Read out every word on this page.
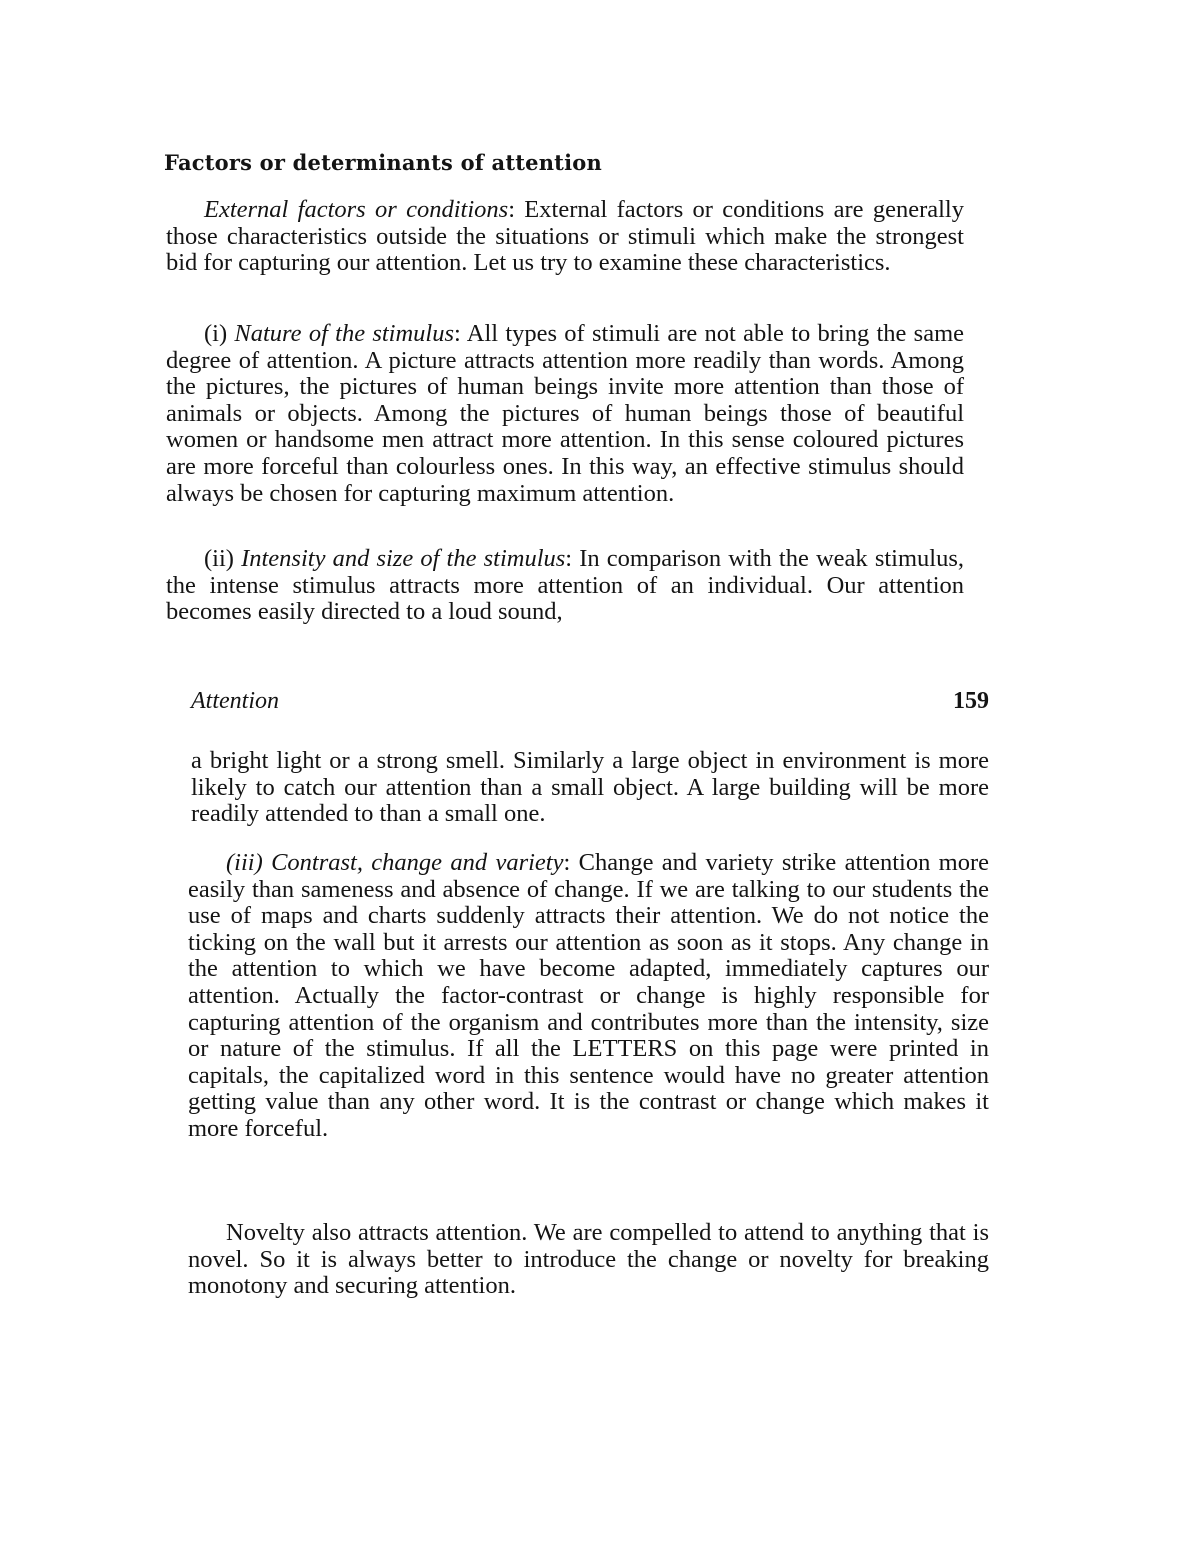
Factors or determinants of attention

External factors or conditions: External factors or conditions are generally those characteristics outside the situations or stimuli which make the strongest bid for capturing our attention. Let us try to examine these characteristics.

(i) Nature of the stimulus: All types of stimuli are not able to bring the same degree of attention. A picture attracts attention more readily than words. Among the pictures, the pictures of human beings invite more attention than those of animals or objects. Among the pictures of human beings those of beautiful women or handsome men attract more attention. In this sense coloured pictures are more forceful than colourless ones. In this way, an effective stimulus should always be chosen for capturing maximum attention.

(ii) Intensity and size of the stimulus: In comparison with the weak stimulus, the intense stimulus attracts more attention of an individual. Our attention becomes easily directed to a loud sound,

Attention	159

a bright light or a strong smell. Similarly a large object in environment is more likely to catch our attention than a small object. A large building will be more readily attended to than a small one.

(iii) Contrast, change and variety: Change and variety strike attention more easily than sameness and absence of change. If we are talking to our students the use of maps and charts suddenly attracts their attention. We do not notice the ticking on the wall but it arrests our attention as soon as it stops. Any change in the attention to which we have become adapted, immediately captures our attention. Actually the factor-contrast or change is highly responsible for capturing attention of the organism and contributes more than the intensity, size or nature of the stimulus. If all the LETTERS on this page were printed in capitals, the capitalized word in this sentence would have no greater attention getting value than any other word. It is the contrast or change which makes it more forceful.

Novelty also attracts attention. We are compelled to attend to anything that is novel. So it is always better to introduce the change or novelty for breaking monotony and securing attention.
